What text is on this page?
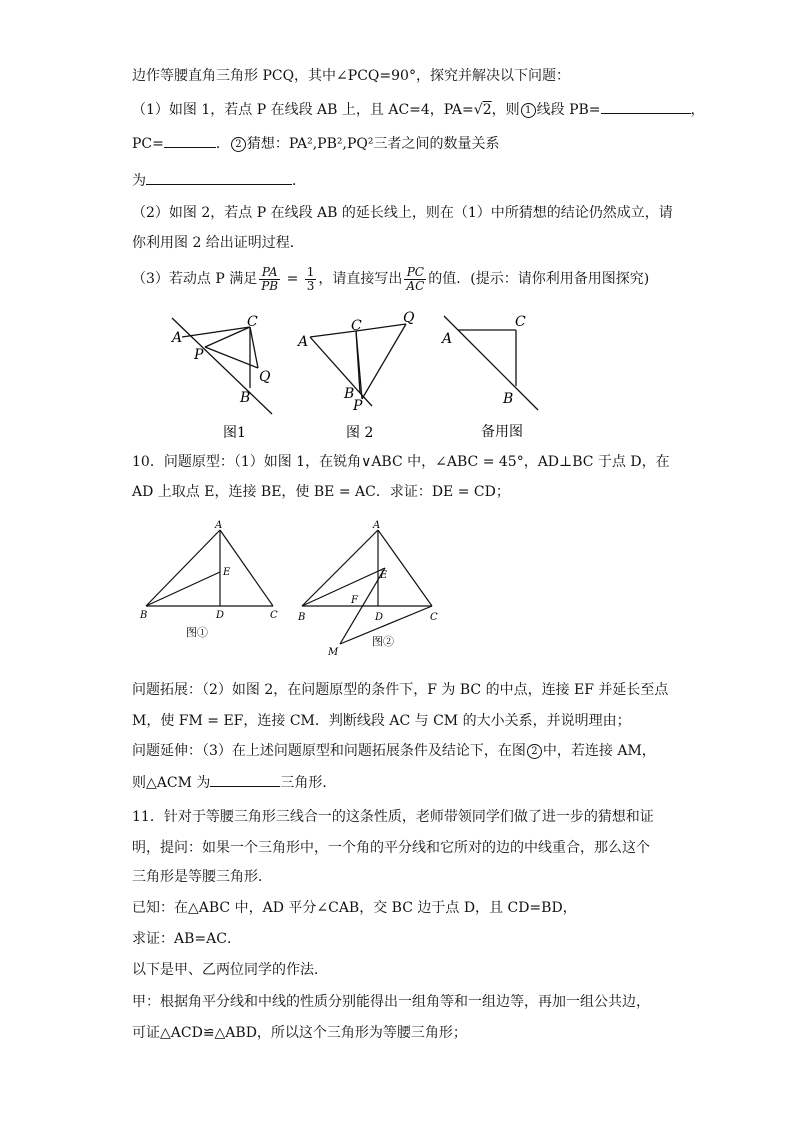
边作等腰直角三角形 PCQ，其中∠PCQ=90°，探究并解决以下问题：
（1）如图 1，若点 P 在线段 AB 上，且 AC=4，PA=√2，则 1 线段 PB=	，
PC=	． 2 猜想：PA²,PB²,PQ²三者之间的数量关系
为	．
（2）如图 2，若点 P 在线段 AB 的延长线上，则在（1）中所猜想的结论仍然成立，请
你利用图 2 给出证明过程．
（3）若动点 P 满足 $\frac{PA}{PB} = \frac{1}{3}$ ，请直接写出 $\frac{PC}{AC}$ 的值．(提示：请你利用备用图探究)
A
P
C
Q
B
图1
A
C	Q
B
P
图 2
A
C
B
备用图
10．问题原型：（1）如图 1，在锐角∨ABC 中，∠ABC = 45°，AD⊥BC 于点 D，在
AD 上取点 E，连接 BE，使 BE = AC．求证：DE = CD；
A
E
B	D	C
图①
A
E
F
B	D	C
M
图②
问题拓展：（2）如图 2，在问题原型的条件下，F 为 BC 的中点，连接 EF 并延长至点
M，使 FM = EF，连接 CM．判断线段 AC 与 CM 的大小关系，并说明理由；
问题延伸：（3）在上述问题原型和问题拓展条件及结论下，在图 2 中，若连接 AM，
则△ACM 为	三角形．
11．针对于等腰三角形三线合一的这条性质，老师带领同学们做了进一步的猜想和证
明，提问：如果一个三角形中，一个角的平分线和它所对的边的中线重合，那么这个
三角形是等腰三角形．
已知：在△ABC 中，AD 平分∠CAB，交 BC 边于点 D，且 CD=BD，
求证：AB=AC．
以下是甲、乙两位同学的作法．
甲：根据角平分线和中线的性质分别能得出一组角等和一组边等，再加一组公共边，
可证△ACD≌△ABD，所以这个三角形为等腰三角形；
